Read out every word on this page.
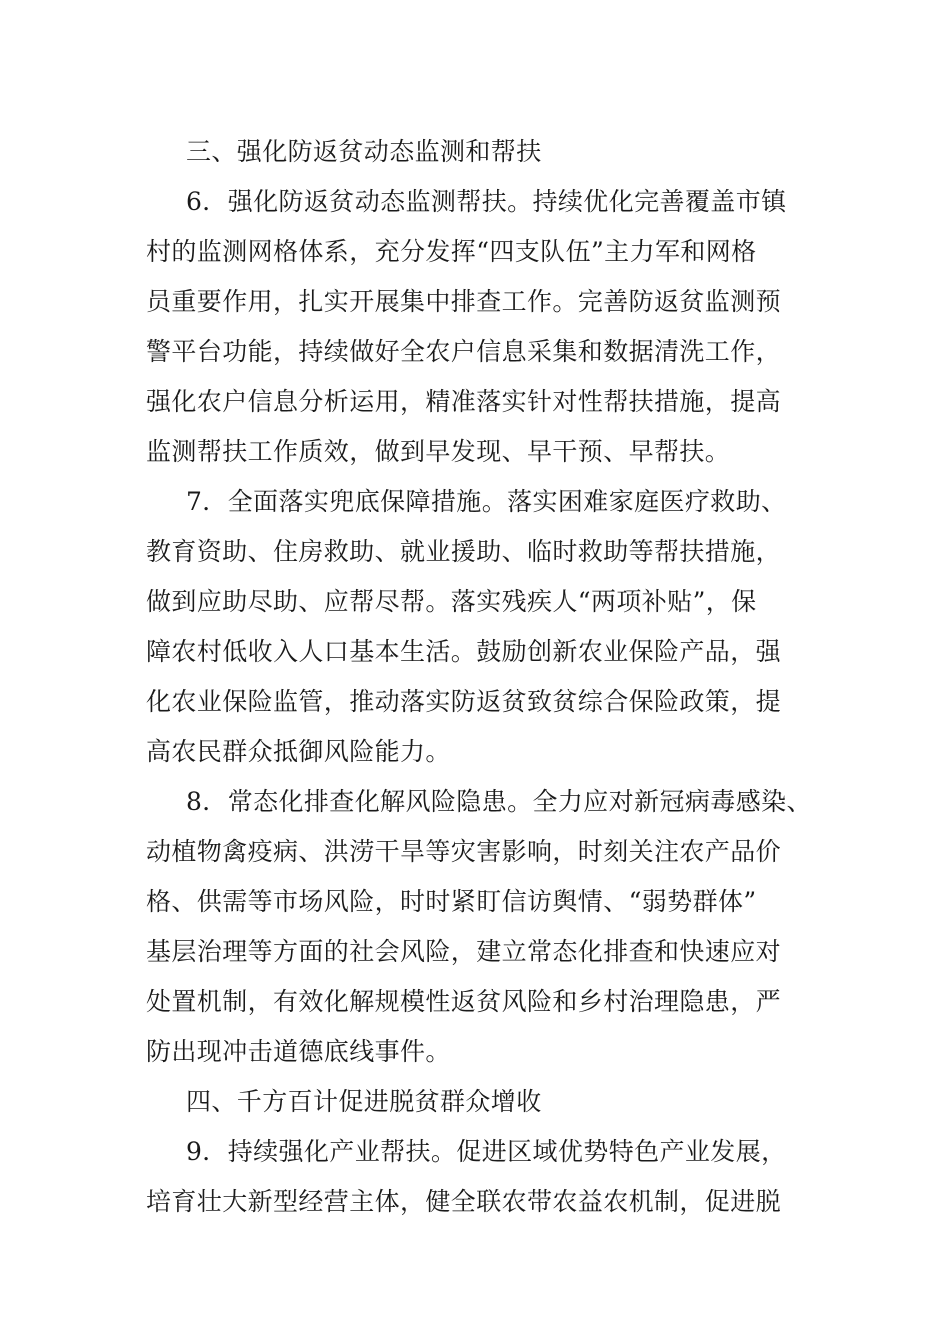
三、强化防返贫动态监测和帮扶
6．强化防返贫动态监测帮扶。持续优化完善覆盖市镇
村的监测网格体系，充分发挥“四支队伍”主力军和网格
员重要作用，扎实开展集中排查工作。完善防返贫监测预
警平台功能，持续做好全农户信息采集和数据清洗工作，
强化农户信息分析运用，精准落实针对性帮扶措施，提高
监测帮扶工作质效，做到早发现、早干预、早帮扶。
7．全面落实兜底保障措施。落实困难家庭医疗救助、
教育资助、住房救助、就业援助、临时救助等帮扶措施，
做到应助尽助、应帮尽帮。落实残疾人“两项补贴”，保
障农村低收入人口基本生活。鼓励创新农业保险产品，强
化农业保险监管，推动落实防返贫致贫综合保险政策，提
高农民群众抵御风险能力。
8．常态化排查化解风险隐患。全力应对新冠病毒感染、
动植物禽疫病、洪涝干旱等灾害影响，时刻关注农产品价
格、供需等市场风险，时时紧盯信访舆情、“弱势群体”
基层治理等方面的社会风险，建立常态化排查和快速应对
处置机制，有效化解规模性返贫风险和乡村治理隐患，严
防出现冲击道德底线事件。
四、千方百计促进脱贫群众增收
9．持续强化产业帮扶。促进区域优势特色产业发展，
培育壮大新型经营主体，健全联农带农益农机制，促进脱
